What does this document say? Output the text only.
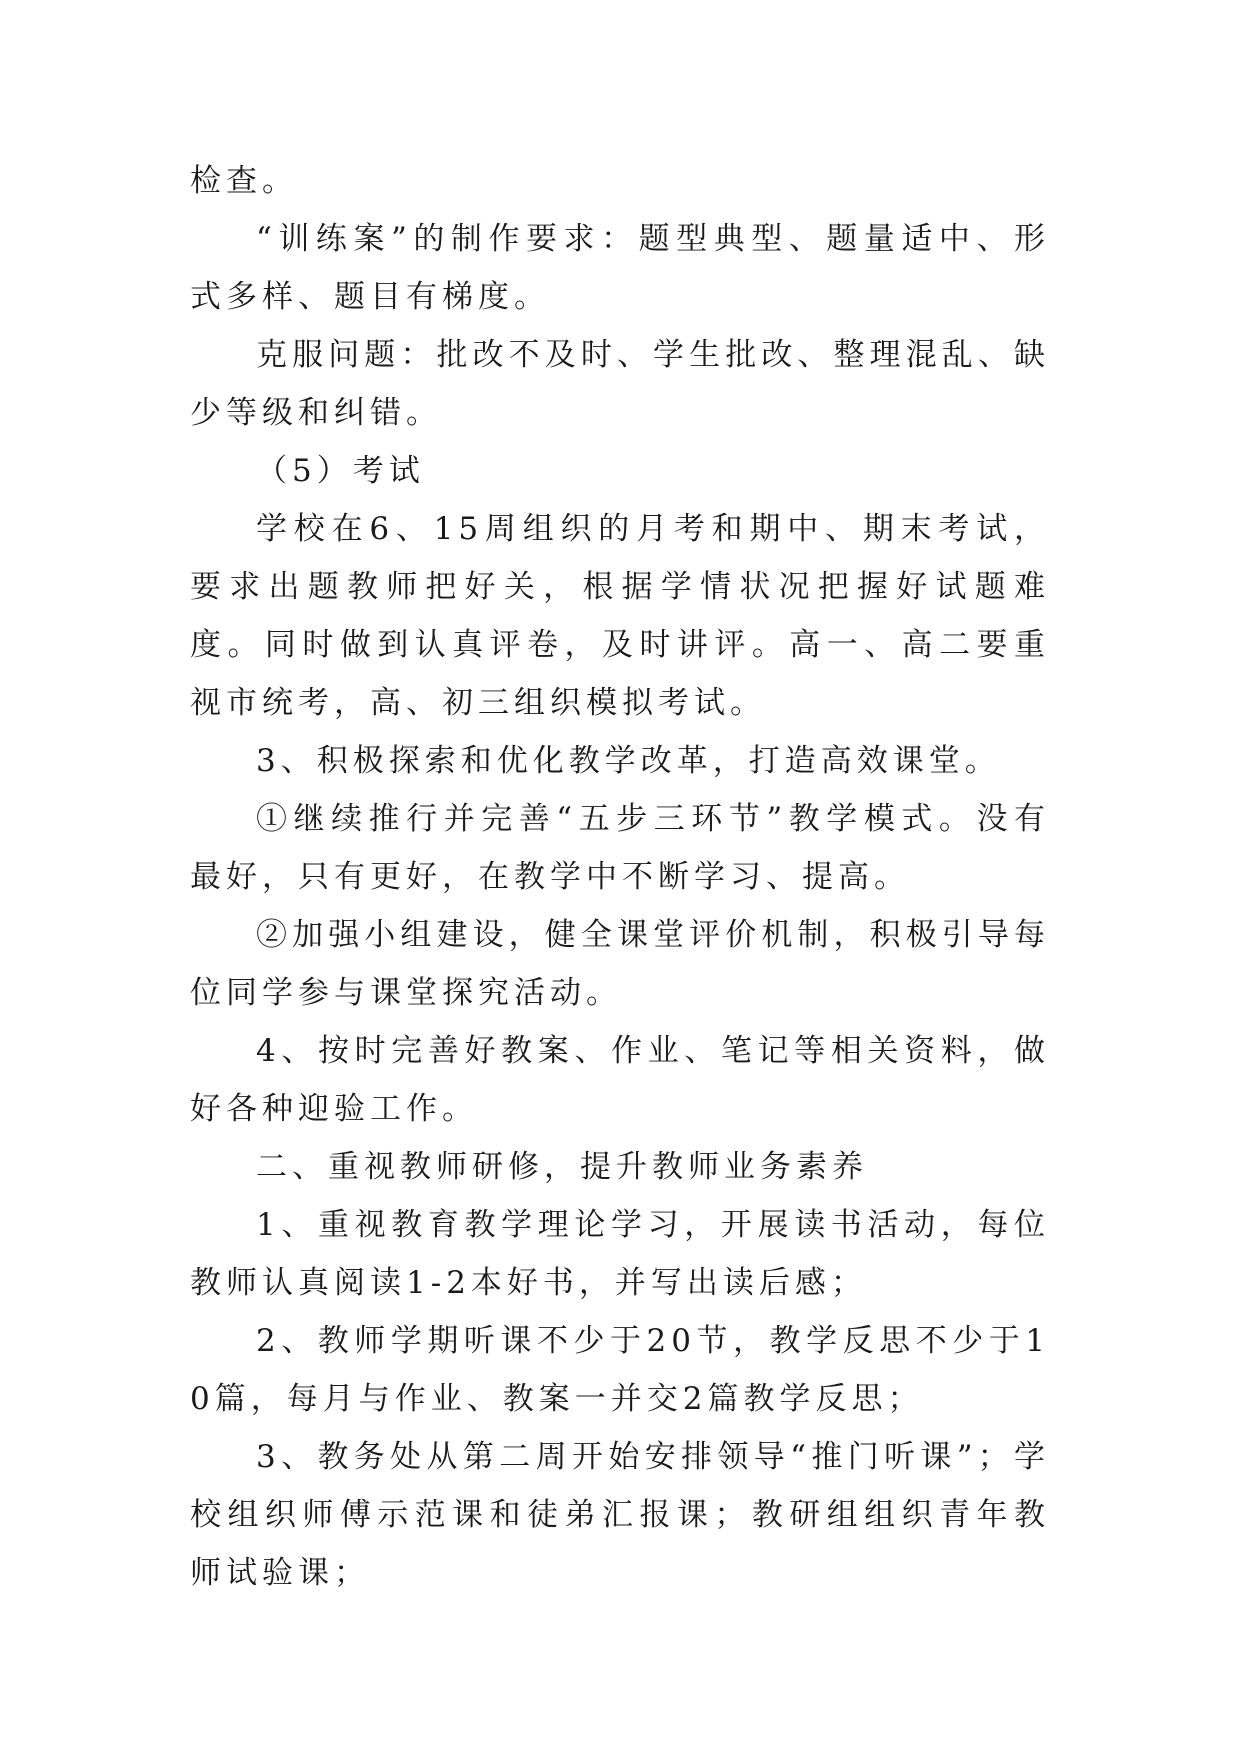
检查。

“训练案”的制作要求：题型典型、题量适中、形式多样、题目有梯度。

克服问题：批改不及时、学生批改、整理混乱、缺少等级和纠错。

（5）考试

学校在6、15周组织的月考和期中、期末考试，要求出题教师把好关，根据学情状况把握好试题难度。同时做到认真评卷，及时讲评。高一、高二要重视市统考，高、初三组织模拟考试。

3、积极探索和优化教学改革，打造高效课堂。

①继续推行并完善“五步三环节”教学模式。没有最好，只有更好，在教学中不断学习、提高。

②加强小组建设，健全课堂评价机制，积极引导每位同学参与课堂探究活动。

4、按时完善好教案、作业、笔记等相关资料，做好各种迎验工作。

二、重视教师研修，提升教师业务素养

1、重视教育教学理论学习，开展读书活动，每位教师认真阅读1-2本好书，并写出读后感；

2、教师学期听课不少于20节，教学反思不少于10篇，每月与作业、教案一并交2篇教学反思；

3、教务处从第二周开始安排领导“推门听课”；学校组织师傅示范课和徒弟汇报课；教研组组织青年教师试验课；
